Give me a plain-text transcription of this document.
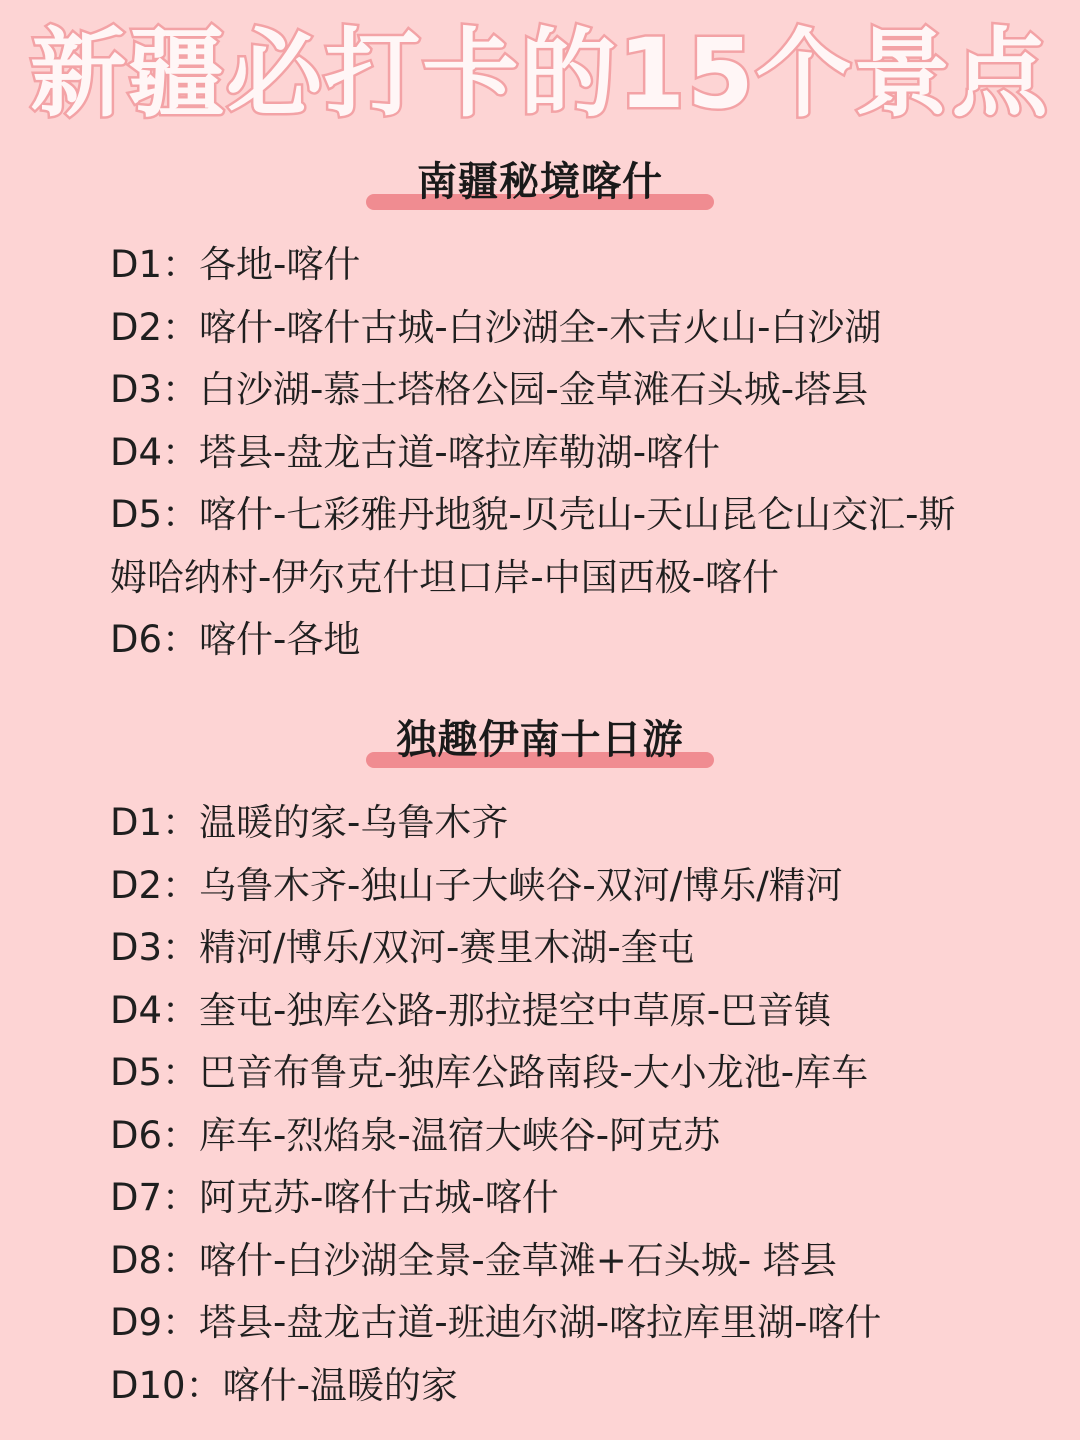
新疆必打卡的15个景点
南疆秘境喀什
D1：各地-喀什
D2：喀什-喀什古城-白沙湖全-木吉火山-白沙湖
D3：白沙湖-慕士塔格公园-金草滩石头城-塔县
D4：塔县-盘龙古道-喀拉库勒湖-喀什
D5：喀什-七彩雅丹地貌-贝壳山-天山昆仑山交汇-斯姆哈纳村-伊尔克什坦口岸-中国西极-喀什
D6：喀什-各地
独趣伊南十日游
D1：温暖的家-乌鲁木齐
D2：乌鲁木齐-独山子大峡谷-双河/博乐/精河
D3：精河/博乐/双河-赛里木湖-奎屯
D4：奎屯-独库公路-那拉提空中草原-巴音镇
D5：巴音布鲁克-独库公路南段-大小龙池-库车
D6：库车-烈焰泉-温宿大峡谷-阿克苏
D7：阿克苏-喀什古城-喀什
D8：喀什-白沙湖全景-金草滩+石头城- 塔县
D9：塔县-盘龙古道-班迪尔湖-喀拉库里湖-喀什
D10：喀什-温暖的家
